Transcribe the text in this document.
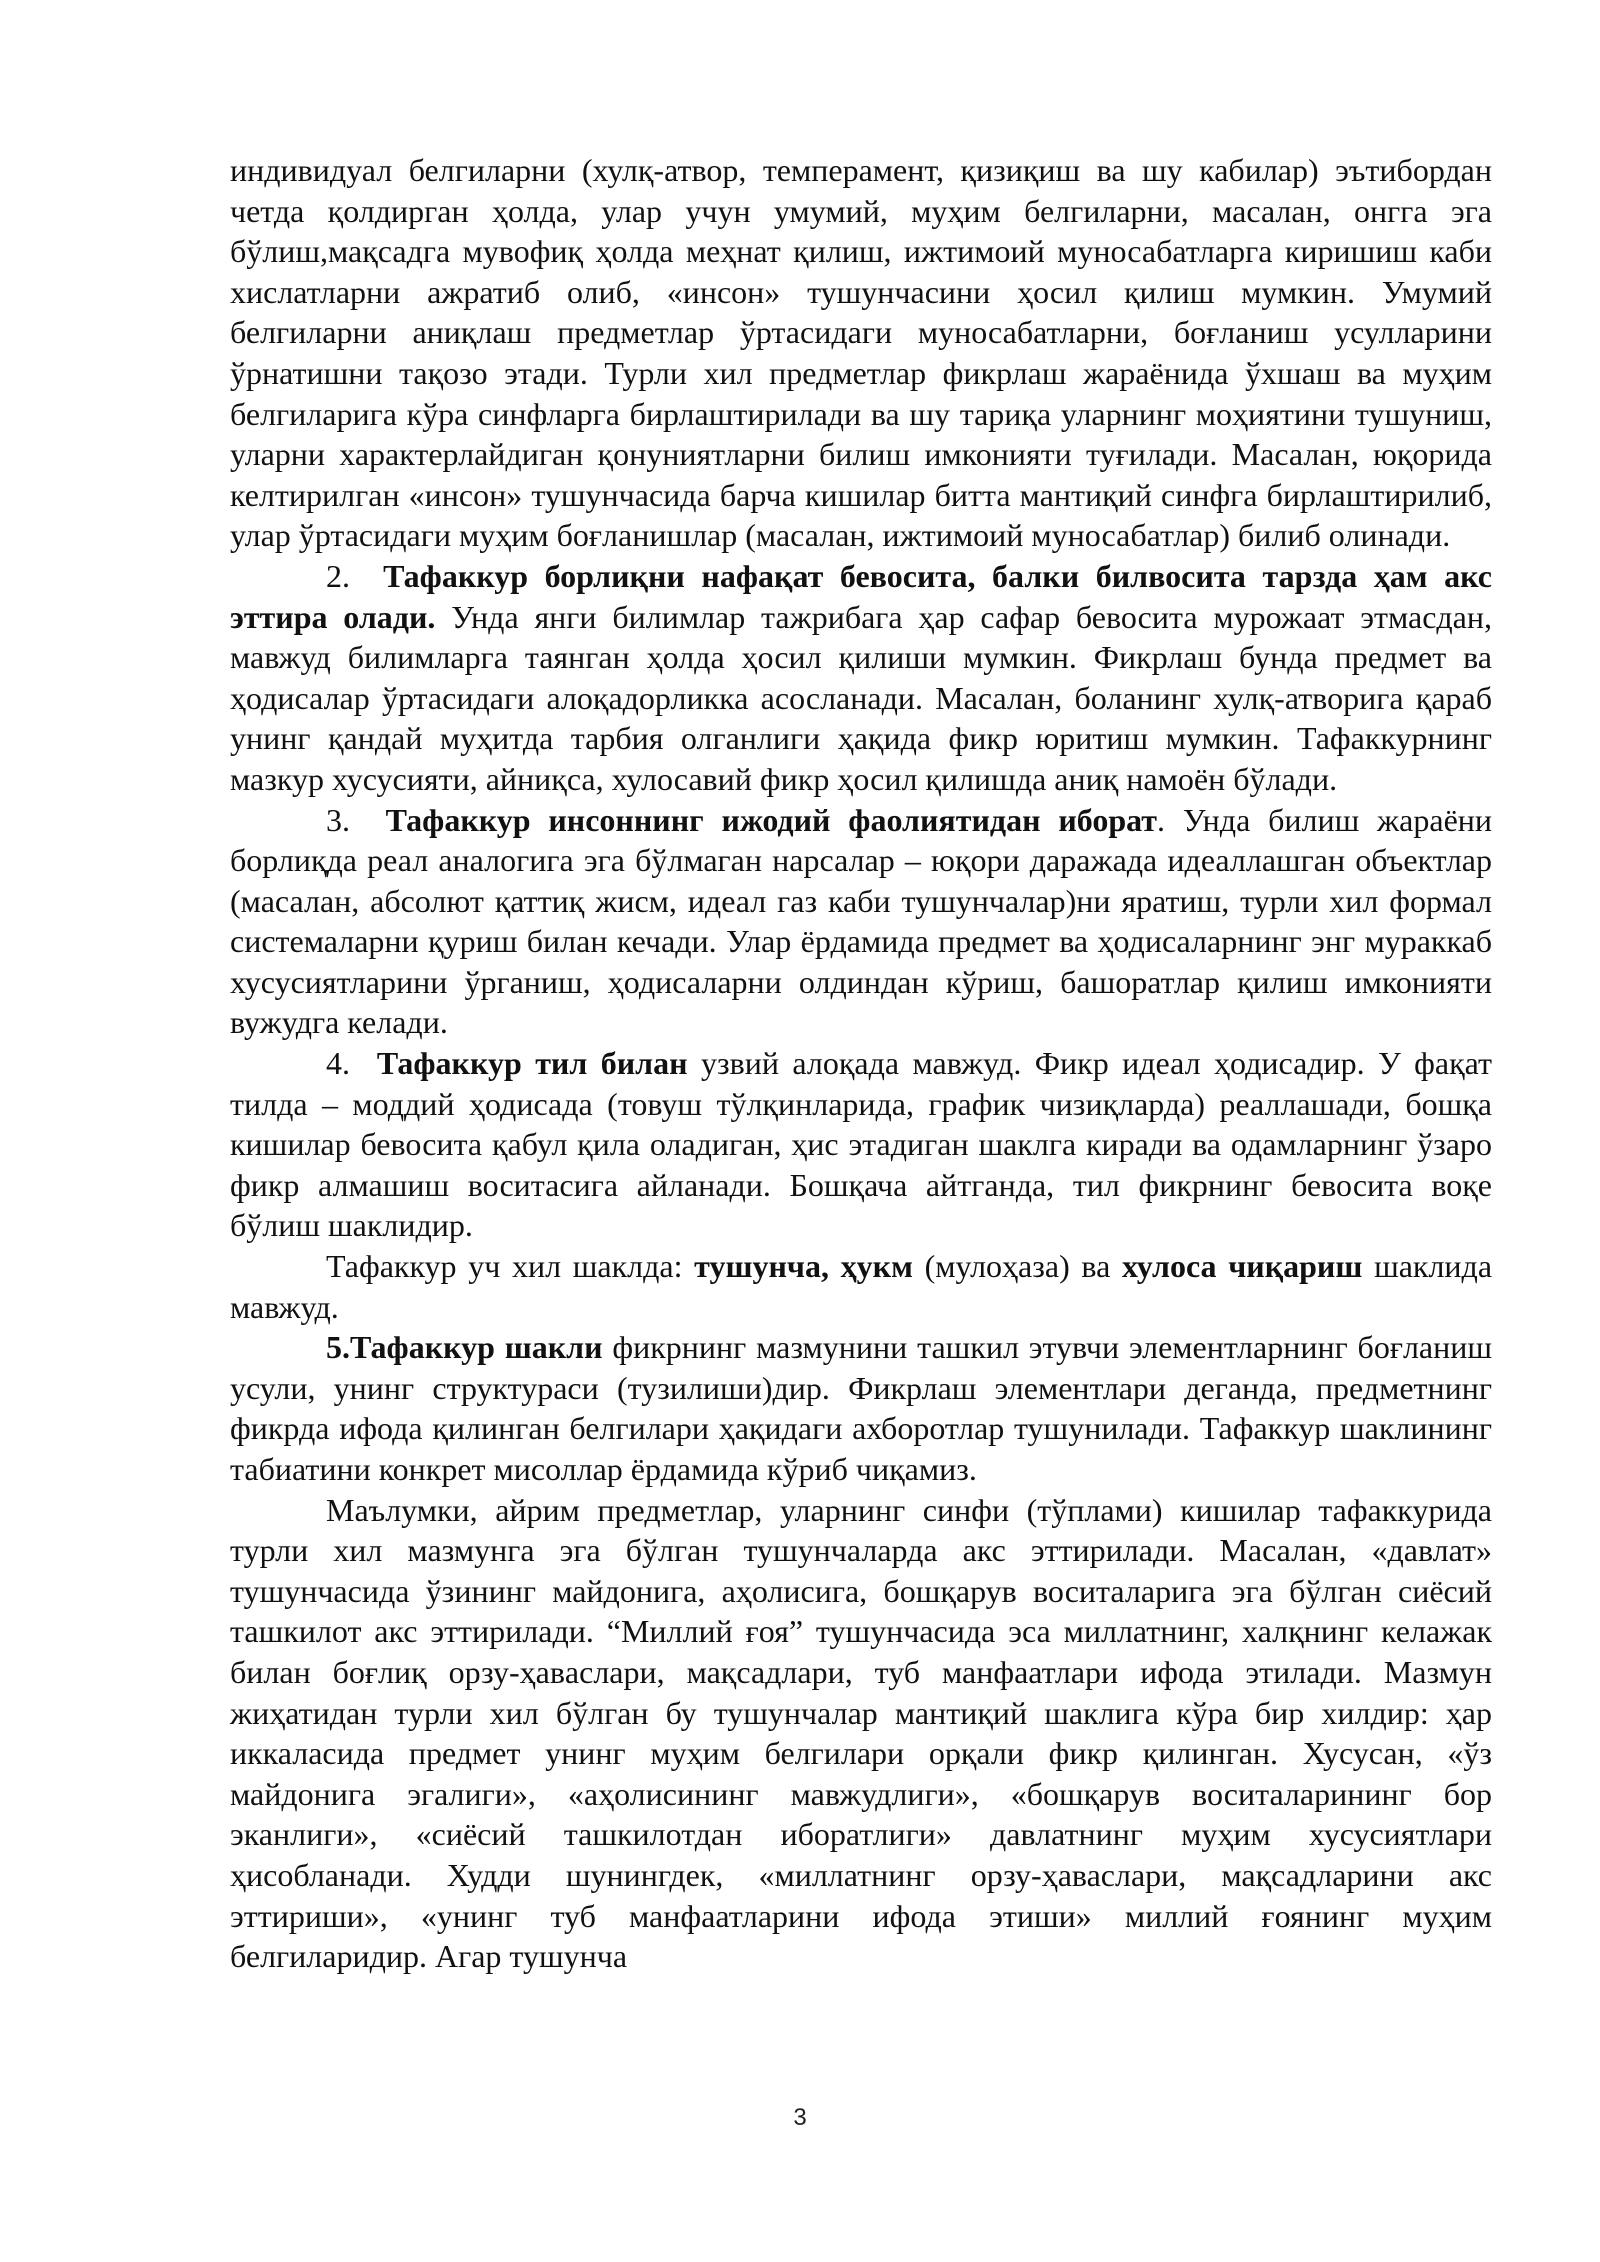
индивидуал белгиларни (хулқ-атвор, темперамент, қизиқиш ва шу кабилар) эътибордан четда қолдирган ҳолда, улар учун умумий, муҳим белгиларни, масалан, онгга эга бўлиш,мақсадга мувофиқ ҳолда меҳнат қилиш, ижтимоий муносабатларга киришиш каби хислатларни ажратиб олиб, «инсон» тушунчасини ҳосил қилиш мумкин. Умумий белгиларни аниқлаш предметлар ўртасидаги муносабатларни, боғланиш усулларини ўрнатишни тақозо этади. Турли хил предметлар фикрлаш жараёнида ўхшаш ва муҳим белгиларига кўра синфларга бирлаштирилади ва шу тариқа уларнинг моҳиятини тушуниш, уларни характерлайдиган қонуниятларни билиш имконияти туғилади. Масалан, юқорида келтирилган «инсон» тушунчасида барча кишилар битта мантиқий синфга бирлаштирилиб, улар ўртасидаги муҳим боғланишлар (масалан, ижтимоий муносабатлар) билиб олинади.

2. Тафаккур борлиқни нафақат бевосита, балки билвосита тарзда ҳам акс эттира олади. Унда янги билимлар тажрибага ҳар сафар бевосита мурожаат этмасдан, мавжуд билимларга таянган ҳолда ҳосил қилиши мумкин. Фикрлаш бунда предмет ва ҳодисалар ўртасидаги алоқадорликка асосланади. Масалан, боланинг хулқ-атворига қараб унинг қандай муҳитда тарбия олганлиги ҳақида фикр юритиш мумкин. Тафаккурнинг мазкур хусусияти, айниқса, хулосавий фикр ҳосил қилишда аниқ намоён бўлади.

3. Тафаккур инсоннинг ижодий фаолиятидан иборат. Унда билиш жараёни борлиқда реал аналогига эга бўлмаган нарсалар – юқори даражада идеаллашган объектлар (масалан, абсолют қаттиқ жисм, идеал газ каби тушунчалар)ни яратиш, турли хил формал системаларни қуриш билан кечади. Улар ёрдамида предмет ва ҳодисаларнинг энг мураккаб хусусиятларини ўрганиш, ҳодисаларни олдиндан кўриш, башоратлар қилиш имконияти вужудга келади.

4. Тафаккур тил билан узвий алоқада мавжуд. Фикр идеал ҳодисадир. У фақат тилда – моддий ҳодисада (товуш тўлқинларида, график чизиқларда) реаллашади, бошқа кишилар бевосита қабул қила оладиган, ҳис этадиган шаклга киради ва одамларнинг ўзаро фикр алмашиш воситасига айланади. Бошқача айтганда, тил фикрнинг бевосита воқе бўлиш шаклидир.

Тафаккур уч хил шаклда: тушунча, ҳукм (мулоҳаза) ва хулоса чиқариш шаклида мавжуд.

5.Тафаккур шакли фикрнинг мазмунини ташкил этувчи элементларнинг боғланиш усули, унинг структураси (тузилиши)дир. Фикрлаш элементлари деганда, предметнинг фикрда ифода қилинган белгилари ҳақидаги ахборотлар тушунилади. Тафаккур шаклининг табиатини конкрет мисоллар ёрдамида кўриб чиқамиз.

Маълумки, айрим предметлар, уларнинг синфи (тўплами) кишилар тафаккурида турли хил мазмунга эга бўлган тушунчаларда акс эттирилади. Масалан, «давлат» тушунчасида ўзининг майдонига, аҳолисига, бошқарув воситаларига эга бўлган сиёсий ташкилот акс эттирилади. “Миллий ғоя” тушунчасида эса миллатнинг, халқнинг келажак билан боғлиқ орзу-ҳавaслари, мақсадлари, туб манфаатлари ифода этилади. Мазмун жиҳатидан турли хил бўлган бу тушунчалар мантиқий шаклига кўра бир хилдир: ҳар иккаласида предмет унинг муҳим белгилари орқали фикр қилинган. Хусусан, «ўз майдонига эгалиги», «аҳолисининг мавжудлиги», «бошқарув воситаларининг бор эканлиги», «сиёсий ташкилотдан иборатлиги» давлатнинг муҳим хусусиятлари ҳисобланади. Худди шунингдек, «миллатнинг орзу-ҳаваслари, мақсадларини акс эттириши», «унинг туб манфаатларини ифода этиши» миллий ғоянинг муҳим белгиларидир. Агар тушунча

3
